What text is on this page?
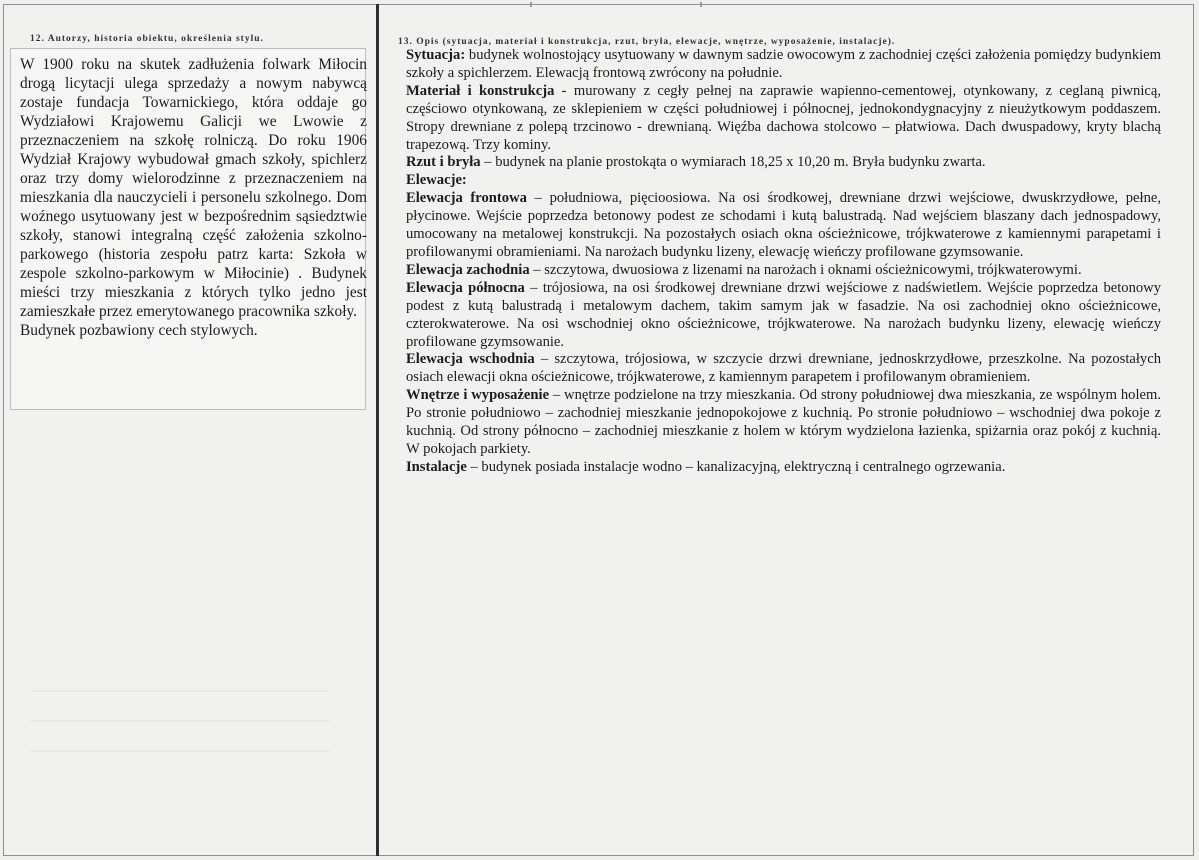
12. Autorzy, historia obiektu, określenia stylu.

W 1900 roku na skutek zadłużenia folwark Miłocin drogą licytacji ulega sprzedaży a nowym nabywcą zostaje fundacja Towarnickiego, która oddaje go Wydziałowi Krajowemu Galicji we Lwowie z przeznaczeniem na szkołę rolniczą. Do roku 1906 Wydział Krajowy wybudował gmach szkoły, spichlerz oraz trzy domy wielorodzinne z przeznaczeniem na mieszkania dla nauczycieli i personelu szkolnego. Dom woźnego usytuowany jest w bezpośrednim sąsiedztwie szkoły, stanowi integralną część założenia szkolno-parkowego (historia zespołu patrz karta: Szkoła w zespole szkolno-parkowym w Miłocinie) . Budynek mieści trzy mieszkania z których tylko jedno jest zamieszkałe przez emerytowanego pracownika szkoły.

Budynek pozbawiony cech stylowych.

13. Opis (sytuacja, materiał i konstrukcja, rzut, bryła, elewacje, wnętrze, wyposażenie, instalacje).

Sytuacja: budynek wolnostojący usytuowany w dawnym sadzie owocowym z zachodniej części założenia pomiędzy budynkiem szkoły a spichlerzem. Elewacją frontową zwrócony na południe.

Materiał i konstrukcja - murowany z cegły pełnej na zaprawie wapienno-cementowej, otynkowany, z ceglaną piwnicą, częściowo otynkowaną, ze sklepieniem w części południowej i północnej, jednokondygnacyjny z nieużytkowym poddaszem. Stropy drewniane z polepą trzcinowo - drewnianą. Więźba dachowa stolcowo – płatwiowa. Dach dwuspadowy, kryty blachą trapezową. Trzy kominy.

Rzut i bryła – budynek na planie prostokąta o wymiarach 18,25 x 10,20 m. Bryła budynku zwarta.

Elewacje:

Elewacja frontowa – południowa, pięcioosiowa. Na osi środkowej, drewniane drzwi wejściowe, dwuskrzydłowe, pełne, płycinowe. Wejście poprzedza betonowy podest ze schodami i kutą balustradą. Nad wejściem blaszany dach jednospadowy, umocowany na metalowej konstrukcji. Na pozostałych osiach okna ościeżnicowe, trójkwaterowe z kamiennymi parapetami i profilowanymi obramieniami. Na narożach budynku lizeny, elewację wieńczy profilowane gzymsowanie.

Elewacja zachodnia – szczytowa, dwuosiowa z lizenami na narożach i oknami ościeżnicowymi, trójkwaterowymi.

Elewacja północna – trójosiowa, na osi środkowej drewniane drzwi wejściowe z nadświetlem. Wejście poprzedza betonowy podest z kutą balustradą i metalowym dachem, takim samym jak w fasadzie. Na osi zachodniej okno ościeżnicowe, czterokwaterowe. Na osi wschodniej okno ościeżnicowe, trójkwaterowe. Na narożach budynku lizeny, elewację wieńczy profilowane gzymsowanie.

Elewacja wschodnia – szczytowa, trójosiowa, w szczycie drzwi drewniane, jednoskrzydłowe, przeszkolne. Na pozostałych osiach elewacji okna ościeżnicowe, trójkwaterowe, z kamiennym parapetem i profilowanym obramieniem.

Wnętrze i wyposażenie – wnętrze podzielone na trzy mieszkania. Od strony południowej dwa mieszkania, ze wspólnym holem. Po stronie południowo – zachodniej mieszkanie jednopokojowe z kuchnią. Po stronie południowo – wschodniej dwa pokoje z kuchnią. Od strony północno – zachodniej mieszkanie z holem w którym wydzielona łazienka, spiżarnia oraz pokój z kuchnią. W pokojach parkiety.

Instalacje – budynek posiada instalacje wodno – kanalizacyjną, elektryczną i centralnego ogrzewania.
